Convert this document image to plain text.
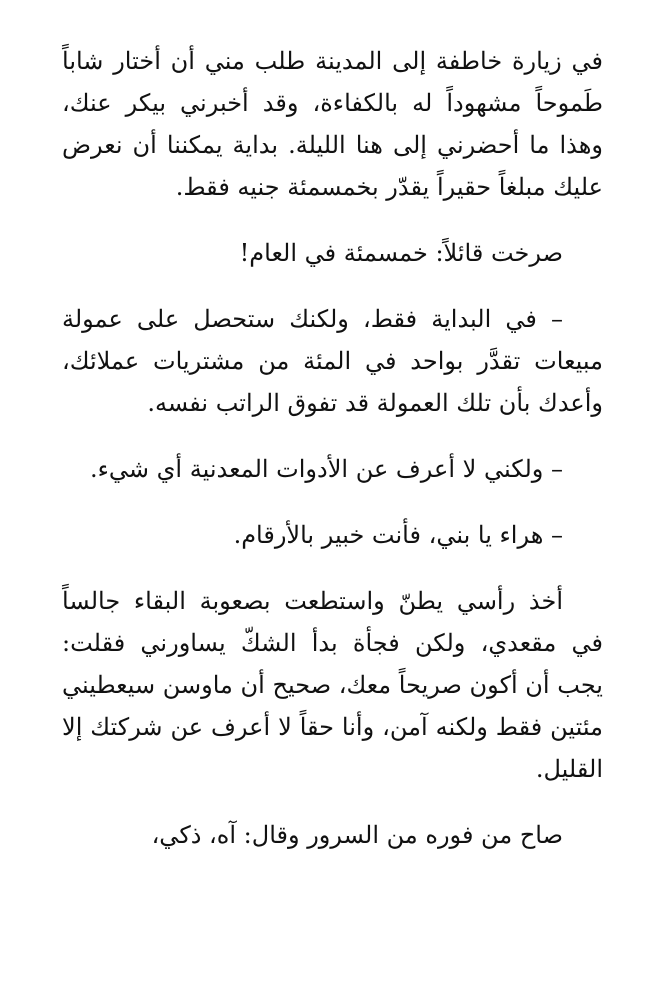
في زيارة خاطفة إلى المدينة طلب مني أن أختار شاباً طَموحاً مشهوداً له بالكفاءة، وقد أخبرني بيكر عنك، وهذا ما أحضرني إلى هنا الليلة. بداية يمكننا أن نعرض عليك مبلغاً حقيراً يقدّر بخمسمئة جنيه فقط.

صرخت قائلاً: خمسمئة في العام!

– في البداية فقط، ولكنك ستحصل على عمولة مبيعات تقدَّر بواحد في المئة من مشتريات عملائك، وأعدك بأن تلك العمولة قد تفوق الراتب نفسه.

– ولكني لا أعرف عن الأدوات المعدنية أي شيء.

– هراء يا بني، فأنت خبير بالأرقام.

أخذ رأسي يطنّ واستطعت بصعوبة البقاء جالساً في مقعدي، ولكن فجأة بدأ الشكّ يساورني فقلت: يجب أن أكون صريحاً معك، صحيح أن ماوسن سيعطيني مئتين فقط ولكنه آمن، وأنا حقاً لا أعرف عن شركتك إلا القليل.

صاح من فوره من السرور وقال: آه، ذكي،
